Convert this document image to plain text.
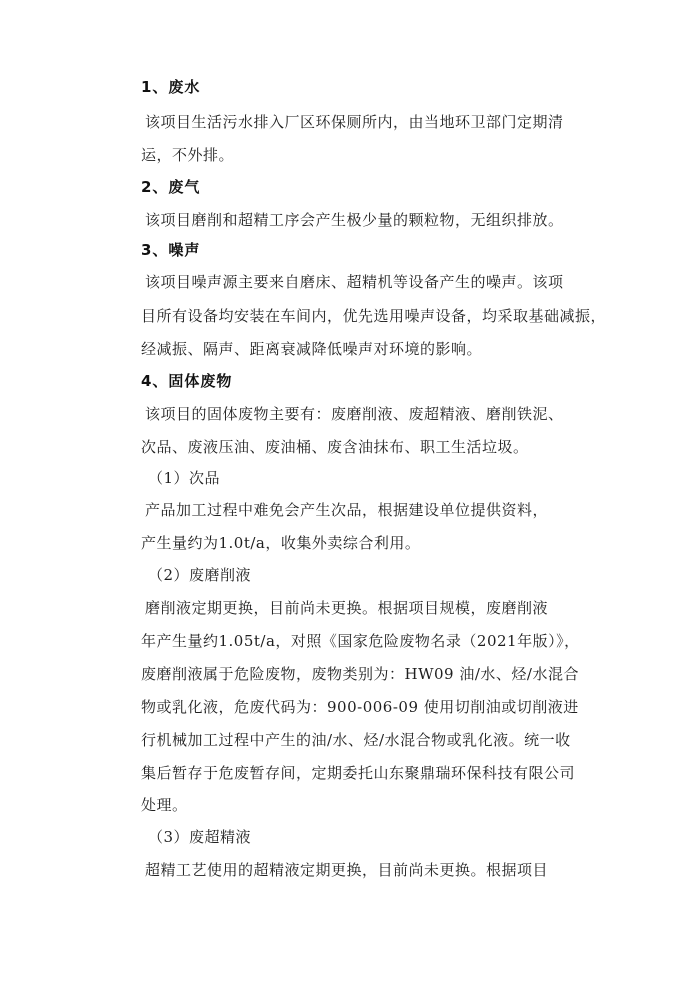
1、废水
该项目生活污水排入厂区环保厕所内，由当地环卫部门定期清
运，不外排。
2、废气
该项目磨削和超精工序会产生极少量的颗粒物，无组织排放。
3、噪声
该项目噪声源主要来自磨床、超精机等设备产生的噪声。该项
目所有设备均安装在车间内，优先选用噪声设备，均采取基础减振，
经减振、隔声、距离衰减降低噪声对环境的影响。
4、固体废物
该项目的固体废物主要有：废磨削液、废超精液、磨削铁泥、
次品、废液压油、废油桶、废含油抹布、职工生活垃圾。
（1）次品
产品加工过程中难免会产生次品，根据建设单位提供资料，
产生量约为1.0t/a，收集外卖综合利用。
（2）废磨削液
磨削液定期更换，目前尚未更换。根据项目规模，废磨削液
年产生量约1.05t/a，对照《国家危险废物名录（2021年版）》，
废磨削液属于危险废物，废物类别为：HW09 油/水、烃/水混合
物或乳化液，危废代码为：900-006-09 使用切削油或切削液进
行机械加工过程中产生的油/水、烃/水混合物或乳化液。统一收
集后暂存于危废暂存间，定期委托山东聚鼎瑞环保科技有限公司
处理。
（3）废超精液
超精工艺使用的超精液定期更换，目前尚未更换。根据项目
